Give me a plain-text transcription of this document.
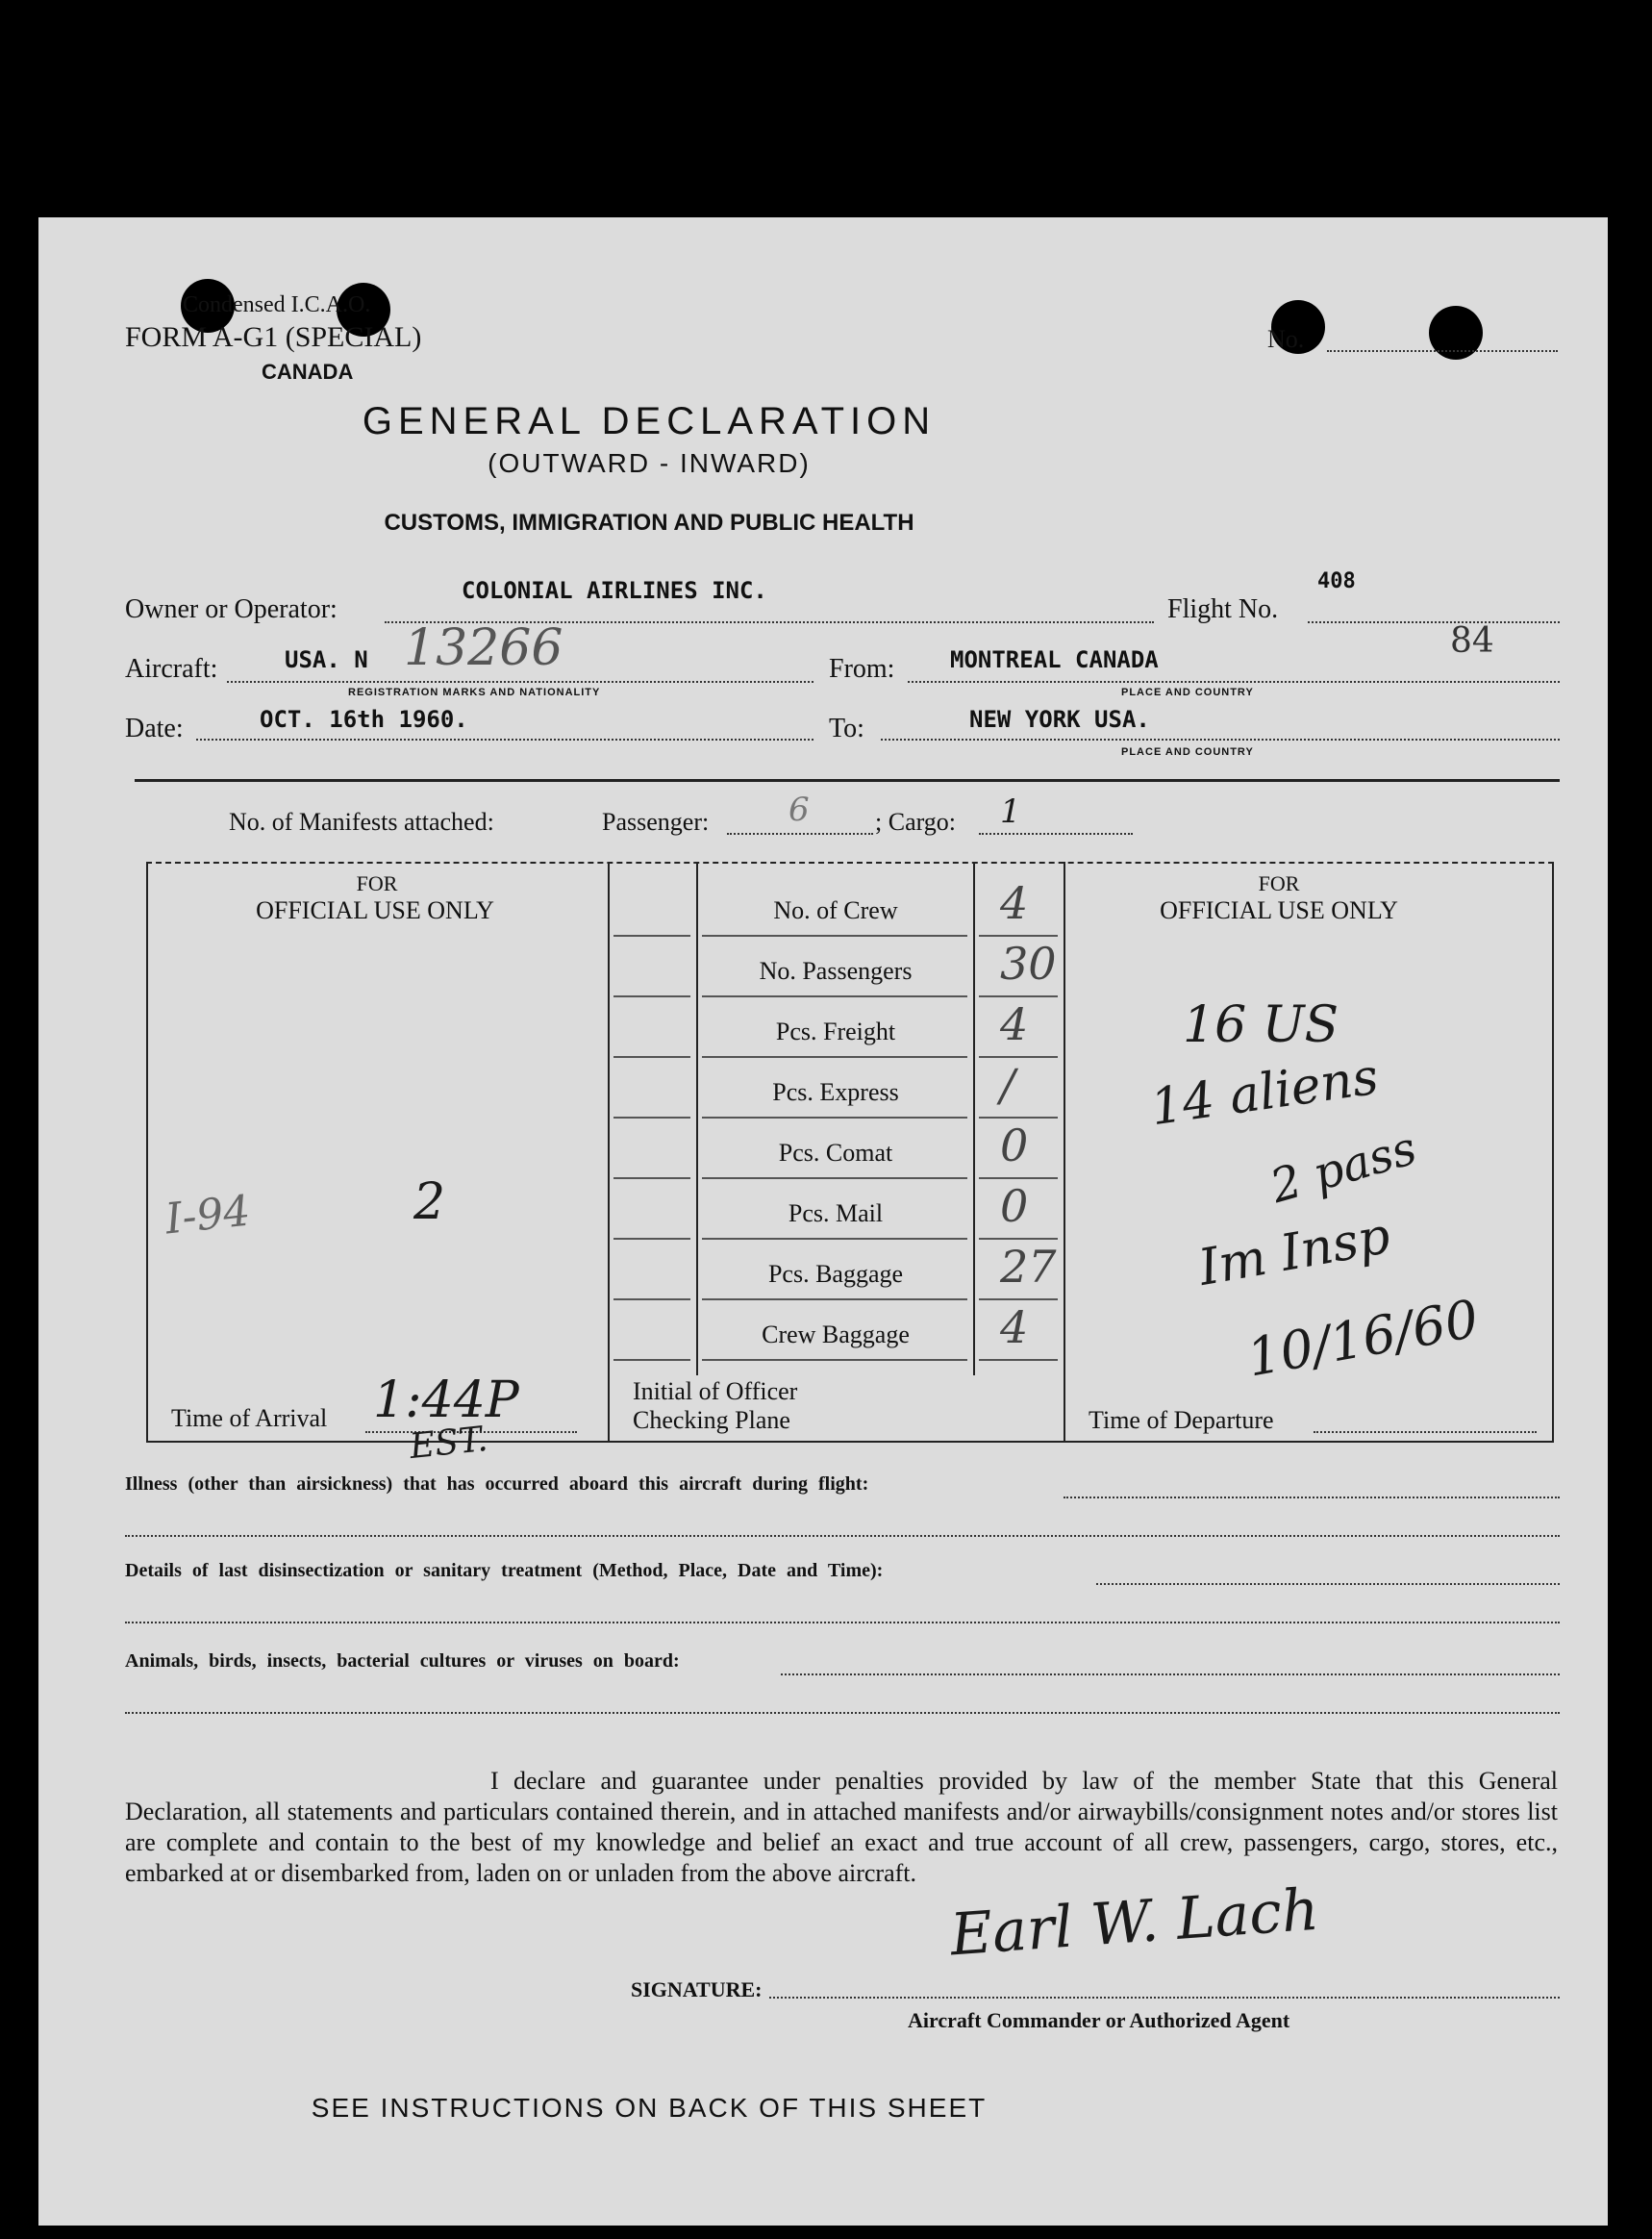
Condensed I.C.A.O.
FORM A-G1 (SPECIAL)
CANADA
No.
GENERAL DECLARATION
(OUTWARD - INWARD)
CUSTOMS, IMMIGRATION AND PUBLIC HEALTH
Owner or Operator:
COLONIAL AIRLINES INC.
Flight No.
408
Aircraft:	USA. N 13266
REGISTRATION MARKS AND NATIONALITY
From: MONTREAL CANADA	84
PLACE AND COUNTRY
Date:	OCT. 16th 1960.	To:	NEW YORK USA.
PLACE AND COUNTRY
No. of Manifests attached:	Passenger: 6	; Cargo: 1
FOR
OFFICIAL USE ONLY
FOR
OFFICIAL USE ONLY
No. of Crew	4
No. Passengers	30
Pcs. Freight	4
Pcs. Express	/
Pcs. Comat	0
Pcs. Mail	0
Pcs. Baggage	27
Crew Baggage	4
I-94	2
16 US
14 aliens
2 pass
Im Insp
10/16/60
Time of Arrival 1:44P
EST.
Initial of Officer
Checking Plane	Time of Departure
Illness (other than airsickness) that has occurred aboard this aircraft during flight:
Details of last disinsectization or sanitary treatment (Method, Place, Date and Time):
Animals, birds, insects, bacterial cultures or viruses on board:
I declare and guarantee under penalties provided by law of the member State that this General Declaration, all statements and particulars contained therein, and in attached manifests and/or airwaybills/consignment notes and/or stores list are complete and contain to the best of my knowledge and belief an exact and true account of all crew, passengers, cargo, stores, etc., embarked at or disembarked from, laden on or unladen from the above aircraft.
Earl W. Lach
SIGNATURE:
Aircraft Commander or Authorized Agent
SEE INSTRUCTIONS ON BACK OF THIS SHEET
